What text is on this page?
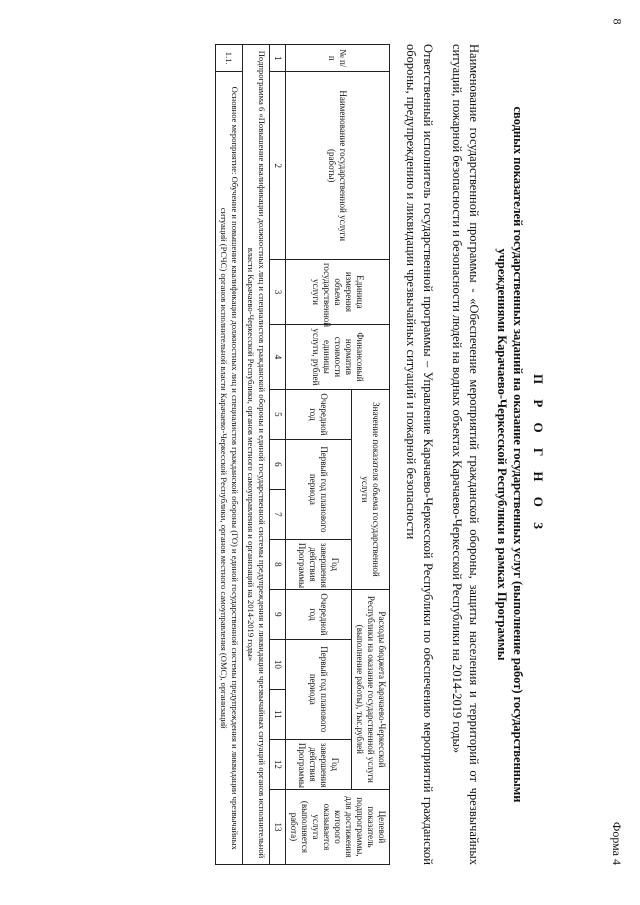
8
Форма 4
П Р О Г Н О З
сводных показателей государственных заданий на оказание государственных услуг (выполнение работ) государственными учреждениями Карачаево-Черкесской Республики в рамках Программы

Наименование государственной программы - «Обеспечение мероприятий гражданской обороны, защиты населения и территорий от чрезвычайных ситуаций, пожарной безопасности и безопасности людей на водных объектах Карачаево-Черкесской Республики на 2014-2019 годы»

Ответственный исполнитель государственной программы – Управление Карачаево-Черкесской Республики по обеспечению мероприятий гражданской обороны, предупреждению и ликвидации чрезвычайных ситуаций и пожарной безопасности

№ п/п	Наименование государственной услуги (работы)	Единица измерения объема государственной услуги	Финансовый норматив стоимости единицы услуги, рублей	Значение показателя объема государственной услуги				Расходы бюджета Карачаево-Черкесской Республики на оказание государственной услуги (выполнение работы), тыс.рублей				Целевой показатель подпрограммы, для достижения которого оказывается услуга (выполняется работа)
				Очередной год	Первый год планового периода		Год завершения действия Программы	Очередной год	Первый год планового периода		Год завершения действия Программы	

1	2	3	4	5	6	7	8	9	10	11	12	13
Подпрограмма 6 «Повышение квалификации должностных лиц и специалистов гражданской обороны и единой государственной системы предупреждения и ликвидации чрезвычайных ситуаций органов исполнительной власти Карачаево-Черкесской Республики, органов местного самоуправления и организаций на 2014-2019 годы»												
1.1.	Основное мероприятие: Обучение и повышение квалификации должностных лиц и специалистов гражданской обороны (ГО) и единой государственной системы предупреждения и ликвидации чрезвычайных ситуаций (РСЧС) органов исполнительной власти Карачаево-Черкесской Республики, органов местного самоуправления (ОМС), организаций											
